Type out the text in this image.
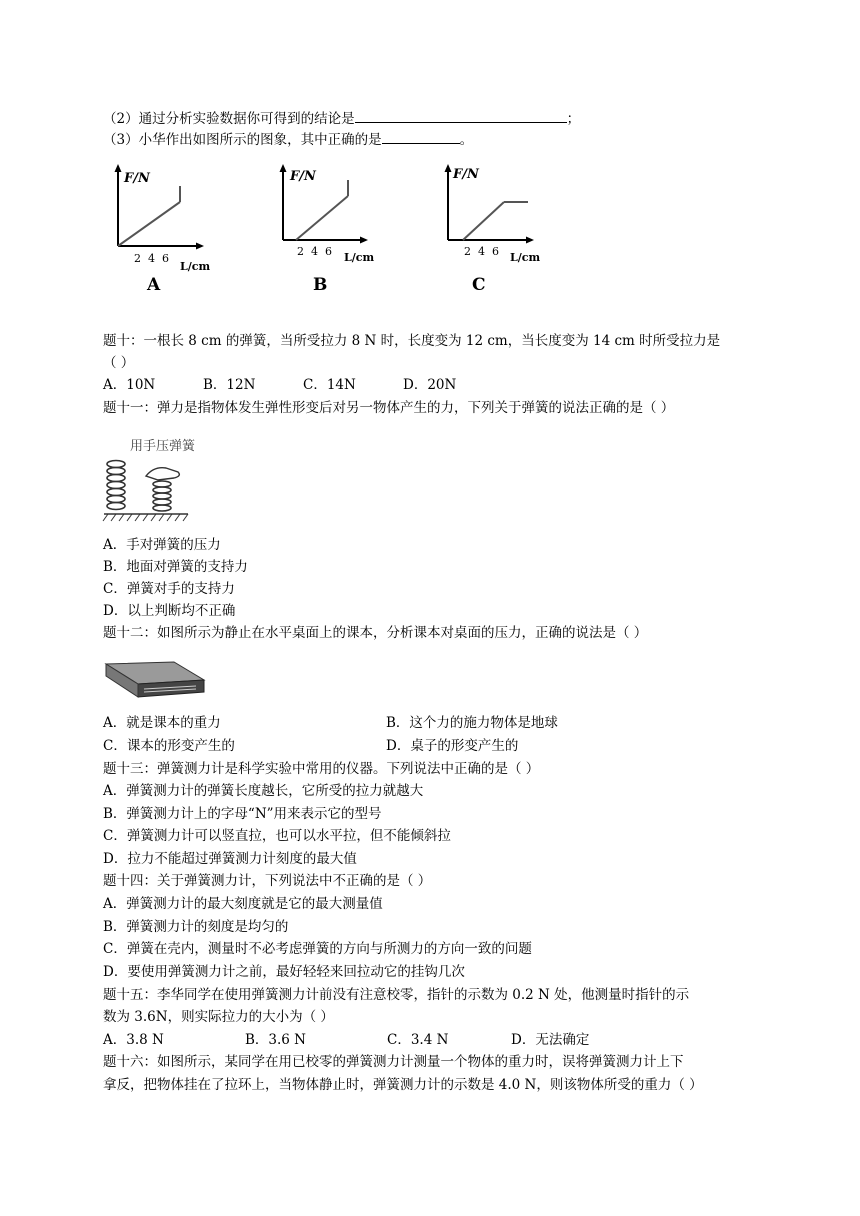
（2）通过分析实验数据你可得到的结论是	；
（3）小华作出如图所示的图象，其中正确的是	。
F/N
2 4 6
L/cm
A
F/N
2 4 6 L/cm
B
F/N
2 4 6 L/cm
C
题十：一根长 8 cm 的弹簧，当所受拉力 8 N 时，长度变为 12 cm，当长度变为 14 cm 时所受拉力是
（ ）
A．10N	B．12N	C．14N	D．20N
题十一：弹力是指物体发生弹性形变后对另一物体产生的力，下列关于弹簧的说法正确的是（ ）
用手压弹簧
A．手对弹簧的压力
B．地面对弹簧的支持力
C．弹簧对手的支持力
D．以上判断均不正确
题十二：如图所示为静止在水平桌面上的课本，分析课本对桌面的压力，正确的说法是（ ）
A．就是课本的重力	B．这个力的施力物体是地球
C．课本的形变产生的	D．桌子的形变产生的
题十三：弹簧测力计是科学实验中常用的仪器。下列说法中正确的是（ ）
A．弹簧测力计的弹簧长度越长，它所受的拉力就越大
B．弹簧测力计上的字母“N”用来表示它的型号
C．弹簧测力计可以竖直拉，也可以水平拉，但不能倾斜拉
D．拉力不能超过弹簧测力计刻度的最大值
题十四：关于弹簧测力计，下列说法中不正确的是（ ）
A．弹簧测力计的最大刻度就是它的最大测量值
B．弹簧测力计的刻度是均匀的
C．弹簧在壳内，测量时不必考虑弹簧的方向与所测力的方向一致的问题
D．要使用弹簧测力计之前，最好轻轻来回拉动它的挂钩几次
题十五：李华同学在使用弹簧测力计前没有注意校零，指针的示数为 0.2 N 处，他测量时指针的示
数为 3.6N，则实际拉力的大小为（ ）
A．3.8 N	B．3.6 N	C．3.4 N	D．无法确定
题十六：如图所示，某同学在用已校零的弹簧测力计测量一个物体的重力时，误将弹簧测力计上下
拿反，把物体挂在了拉环上，当物体静止时，弹簧测力计的示数是 4.0 N，则该物体所受的重力（ ）
